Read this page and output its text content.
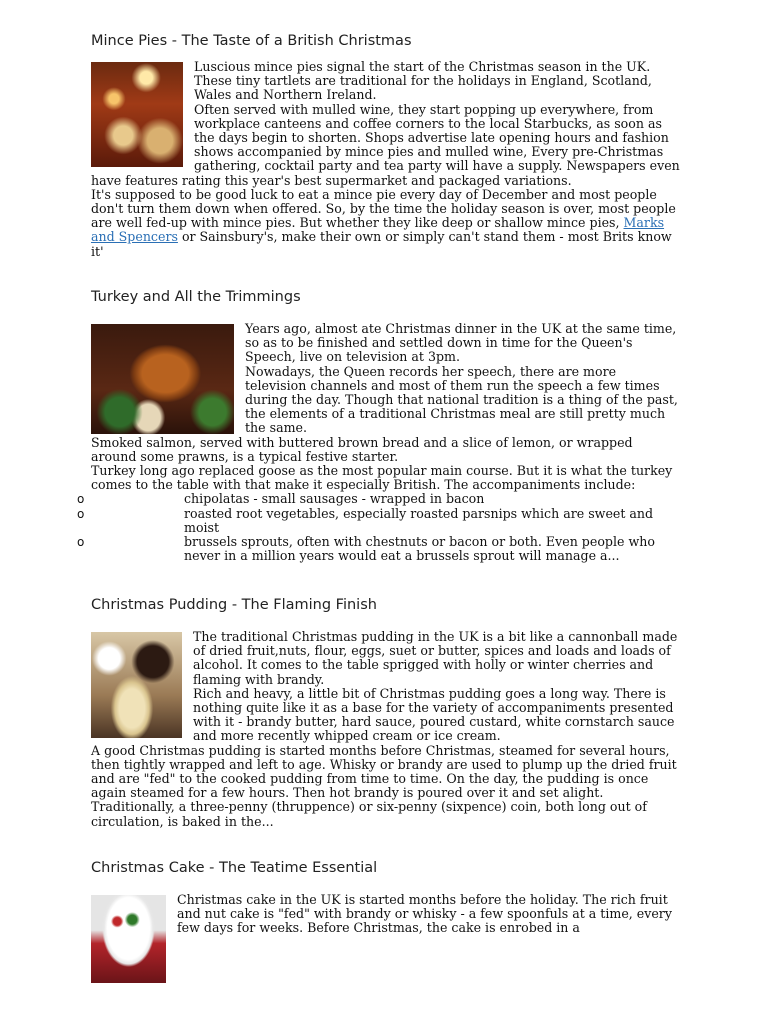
Mince Pies - The Taste of a British Christmas

Luscious mince pies signal the start of the Christmas season in the UK. These tiny tartlets are traditional for the holidays in England, Scotland, Wales and Northern Ireland.

Often served with mulled wine, they start popping up everywhere, from workplace canteens and coffee corners to the local Starbucks, as soon as the days begin to shorten. Shops advertise late opening hours and fashion shows accompanied by mince pies and mulled wine, Every pre-Christmas gathering, cocktail party and tea party will have a supply. Newspapers even have features rating this year's best supermarket and packaged variations.

It's supposed to be good luck to eat a mince pie every day of December and most people don't turn them down when offered. So, by the time the holiday season is over, most people are well fed-up with mince pies. But whether they like deep or shallow mince pies, Marks and Spencers or Sainsbury's, make their own or simply can't stand them - most Brits know it'

Turkey and All the Trimmings

Years ago, almost ate Christmas dinner in the UK at the same time, so as to be finished and settled down in time for the Queen's Speech, live on television at 3pm.

Nowadays, the Queen records her speech, there are more television channels and most of them run the speech a few times during the day. Though that national tradition is a thing of the past, the elements of a traditional Christmas meal are still pretty much the same.

Smoked salmon, served with buttered brown bread and a slice of lemon, or wrapped around some prawns, is a typical festive starter.

Turkey long ago replaced goose as the most popular main course. But it is what the turkey comes to the table with that make it especially British. The accompaniments include:

o	chipolatas - small sausages - wrapped in bacon
o	roasted root vegetables, especially roasted parsnips which are sweet and moist
o	brussels sprouts, often with chestnuts or bacon or both. Even people who never in a million years would eat a brussels sprout will manage a...
Christmas Pudding - The Flaming Finish

The traditional Christmas pudding in the UK is a bit like a cannonball made of dried fruit,nuts, flour, eggs, suet or butter, spices and loads and loads of alcohol. It comes to the table sprigged with holly or winter cherries and flaming with brandy.

Rich and heavy, a little bit of Christmas pudding goes a long way. There is nothing quite like it as a base for the variety of accompaniments presented with it - brandy butter, hard sauce, poured custard, white cornstarch sauce and more recently whipped cream or ice cream.

A good Christmas pudding is started months before Christmas, steamed for several hours, then tightly wrapped and left to age. Whisky or brandy are used to plump up the dried fruit and are "fed" to the cooked pudding from time to time. On the day, the pudding is once again steamed for a few hours. Then hot brandy is poured over it and set alight.

Traditionally, a three-penny (thruppence) or six-penny (sixpence) coin, both long out of circulation, is baked in the...

Christmas Cake - The Teatime Essential

Christmas cake in the UK is started months before the holiday. The rich fruit and nut cake is "fed" with brandy or whisky - a few spoonfuls at a time, every few days for weeks. Before Christmas, the cake is enrobed in a
